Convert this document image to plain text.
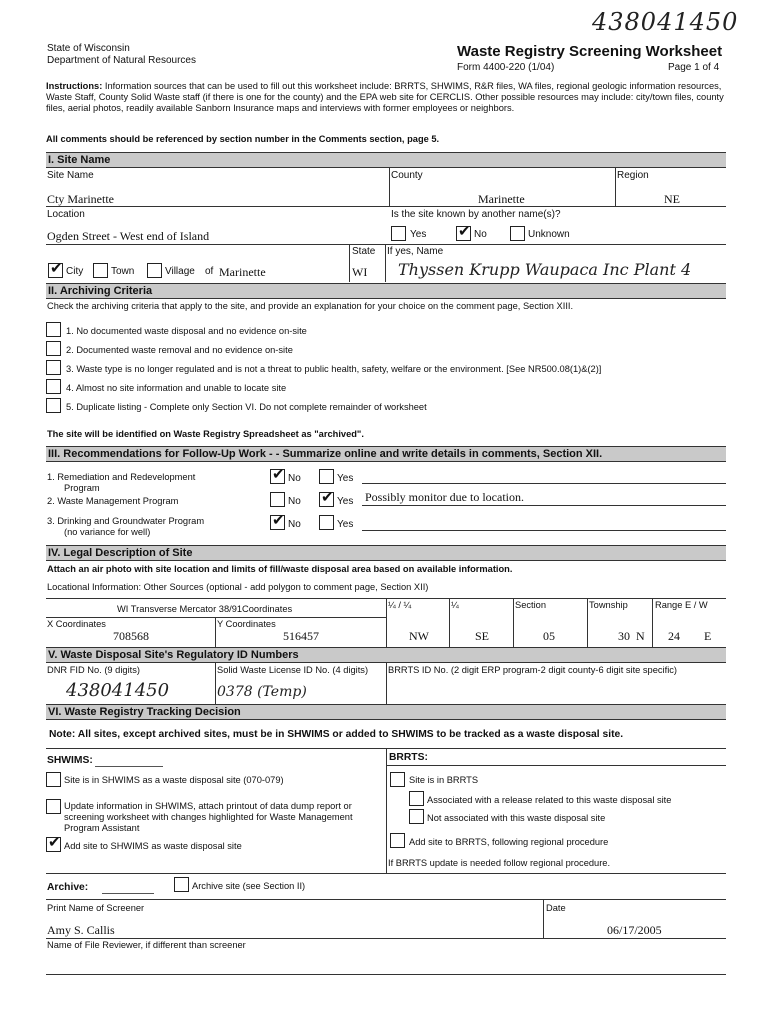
438041450
State of Wisconsin
Department of Natural Resources
Waste Registry Screening Worksheet
Form 4400-220 (1/04)	Page 1 of 4
Instructions: Information sources that can be used to fill out this worksheet include: BRRTS, SHWIMS, R&R files, WA files, regional geologic information resources, Waste Staff, County Solid Waste staff (if there is one for the county) and the EPA web site for CERCLIS. Other possible resources may include: city/town files, county files, aerial photos, readily available Sanborn Insurance maps and interviews with former employees or neighbors.
All comments should be referenced by section number in the Comments section, page 5.
I. Site Name
Site Name	County	Region
Cty Marinette	Marinette	NE
Location	Is the site known by another name(s)?
Ogden Street - West end of Island	Yes ✔ No	Unknown
State If yes, Name
✔ City	Town	Village of Marinette	WI Thyssen Krupp Waupaca Inc Plant 4
II. Archiving Criteria
Check the archiving criteria that apply to the site, and provide an explanation for your choice on the comment page, Section XIII.
1. No documented waste disposal and no evidence on-site
2. Documented waste removal and no evidence on-site
3. Waste type is no longer regulated and is not a threat to public health, safety, welfare or the environment. [See NR500.08(1)&(2)]
4. Almost no site information and unable to locate site
5. Duplicate listing - Complete only Section VI. Do not complete remainder of worksheet
The site will be identified on Waste Registry Spreadsheet as "archived".
III. Recommendations for Follow-Up Work - - Summarize online and write details in comments, Section XII.
1. Remediation and Redevelopment
Program
✔ No	Yes
2. Waste Management Program	No ✔ Yes Possibly monitor due to location.
3. Drinking and Groundwater Program
(no variance for well)
✔ No	Yes
IV. Legal Description of Site
Attach an air photo with site location and limits of fill/waste disposal area based on available information.
Locational Information: Other Sources (optional - add polygon to comment page, Section XII)
WI Transverse Mercator 38/91Coordinates
X Coordinates	Y Coordinates
708568	516457
¼ / ¼	¼	Section	Township	Range E / W
NW	SE	05	30  N 24 E
V. Waste Disposal Site's Regulatory ID Numbers
DNR FID No. (9 digits)	Solid Waste License ID No. (4 digits) BRRTS ID No. (2 digit ERP program-2 digit county-6 digit site specific)
438041450	0378 (Temp)
VI. Waste Registry Tracking Decision
Note: All sites, except archived sites, must be in SHWIMS or added to SHWIMS to be tracked as a waste disposal site.
SHWIMS:
Site is in SHWIMS as a waste disposal site (070-079)
Update information in SHWIMS, attach printout of data dump report or screening worksheet with changes highlighted for Waste Management Program Assistant
✔ Add site to SHWIMS as waste disposal site
BRRTS:
Site is in BRRTS
Associated with a release related to this waste disposal site
Not associated with this waste disposal site
Add site to BRRTS, following regional procedure
If BRRTS update is needed follow regional procedure.
Archive:	Archive site (see Section II)
Print Name of Screener	Date
Amy S. Callis	06/17/2005
Name of File Reviewer, if different than screener
